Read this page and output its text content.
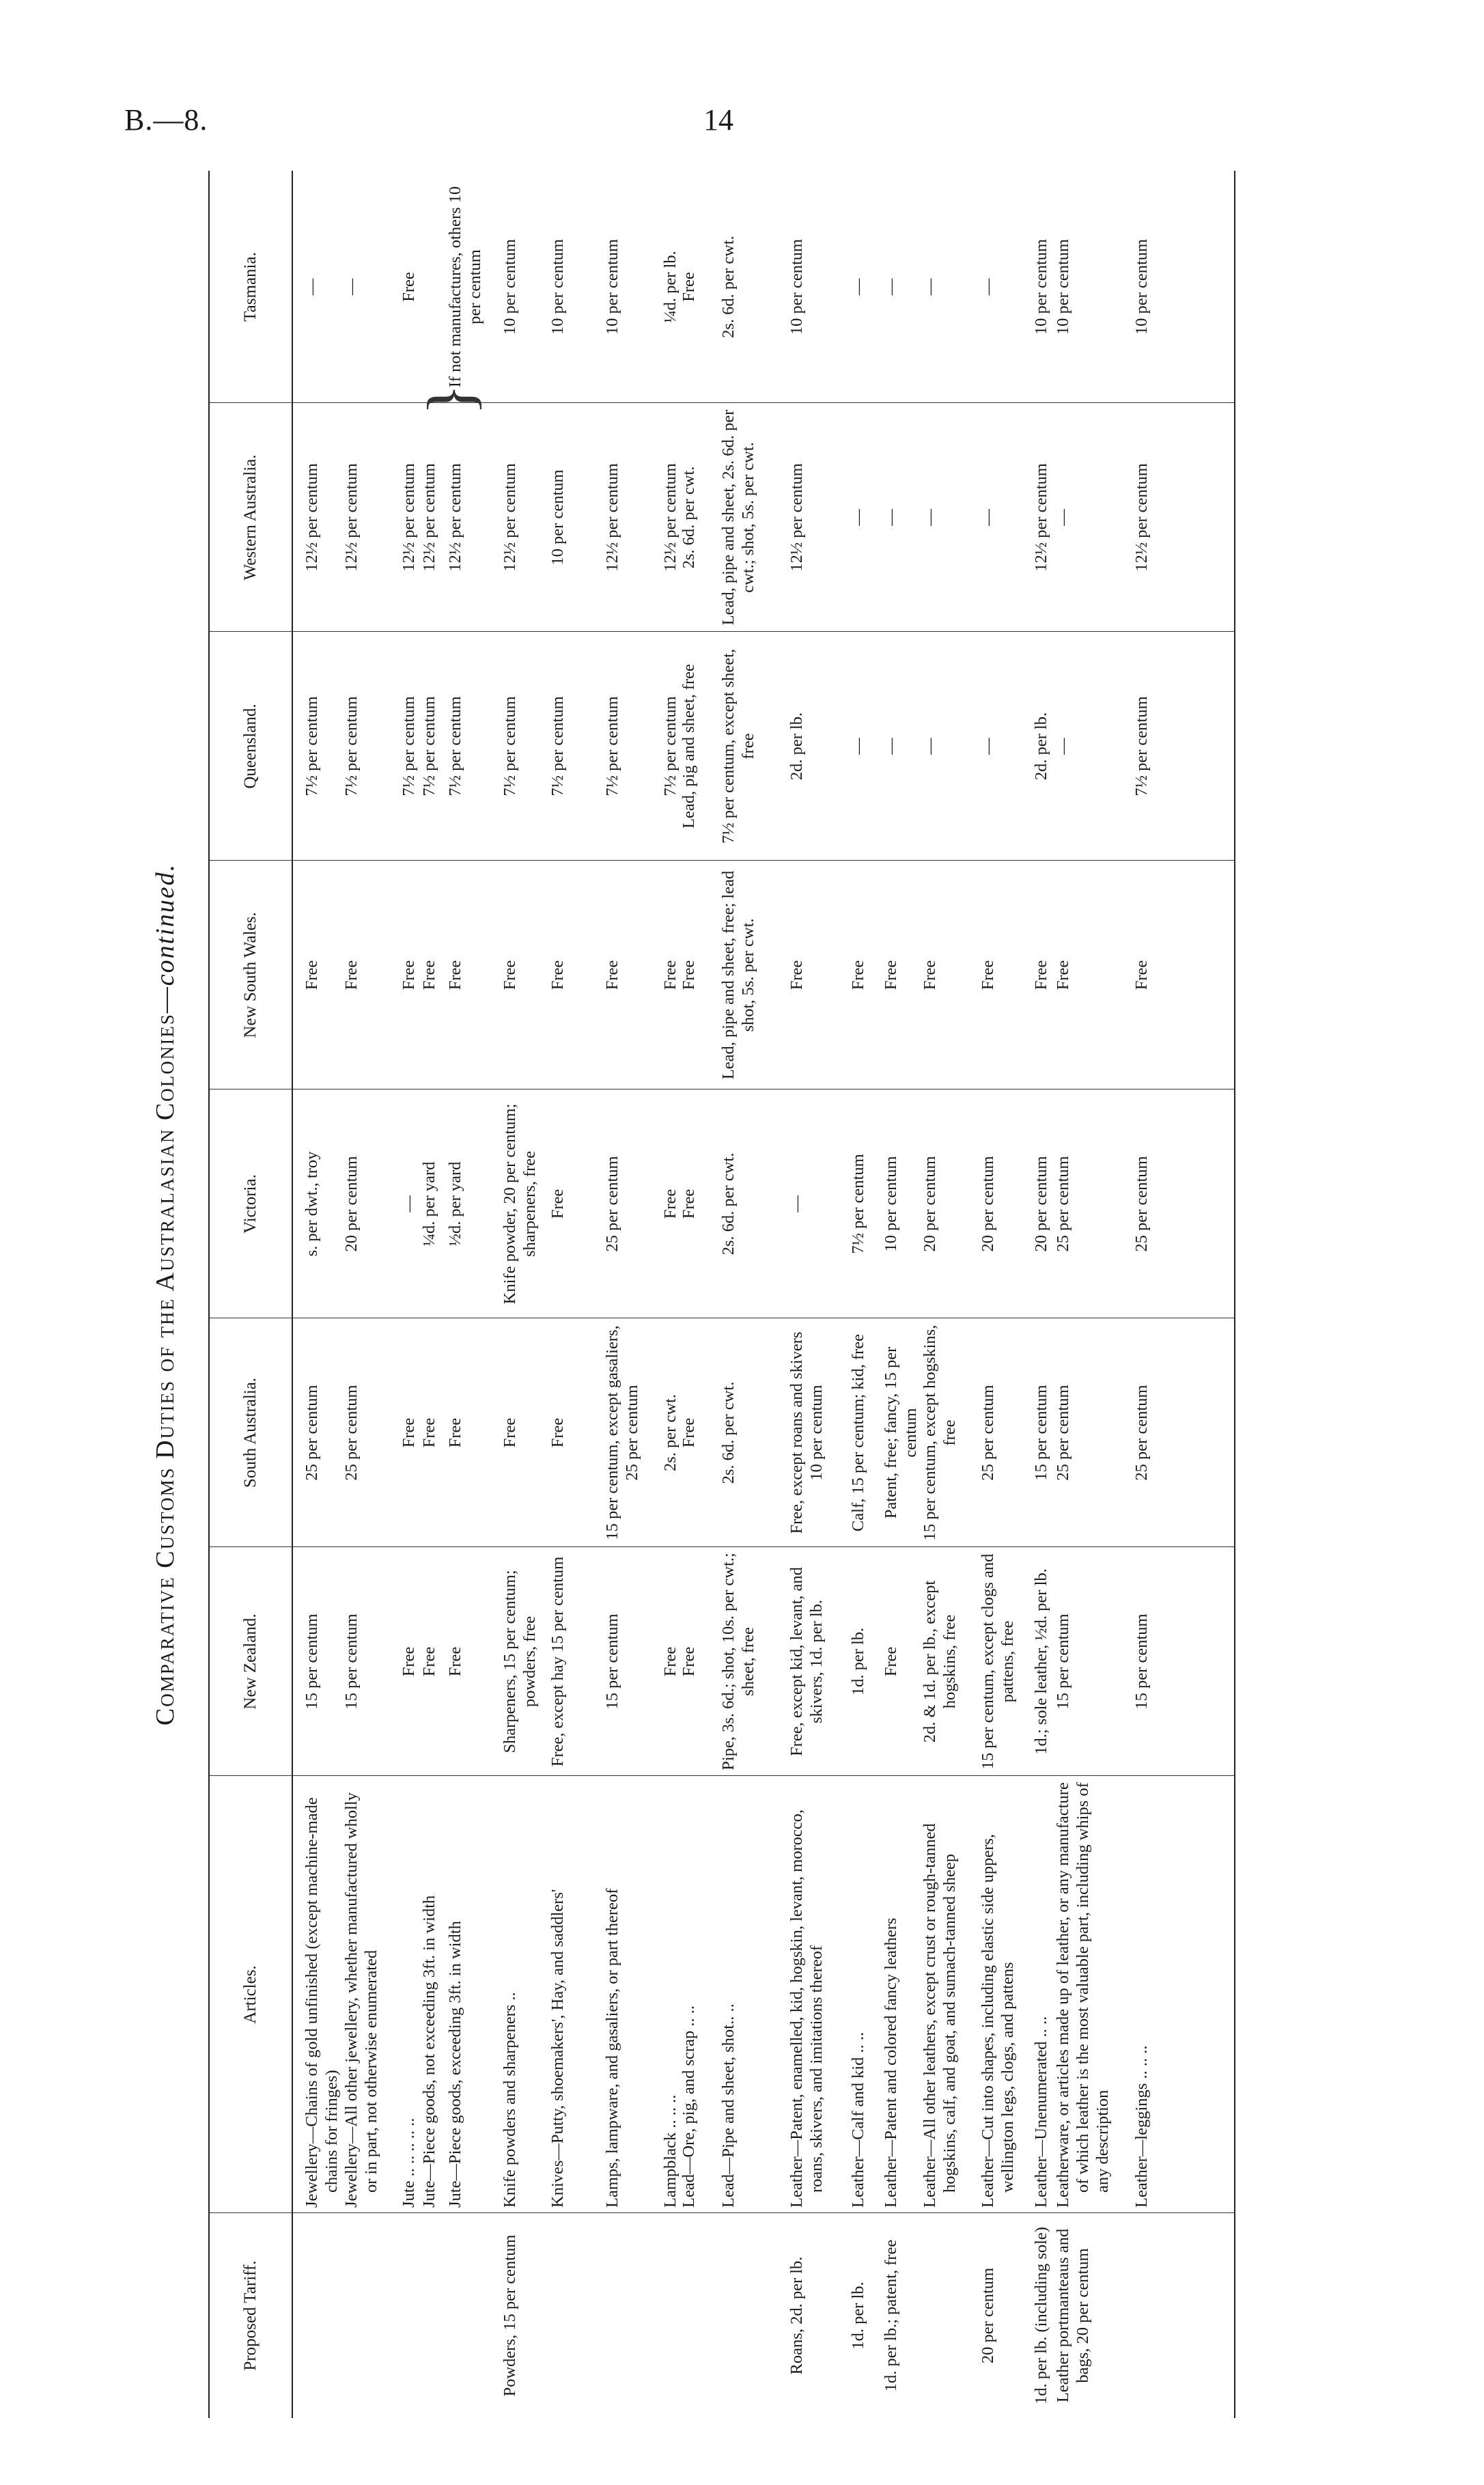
B.—8.	14
Comparative Customs Duties of the Australasian Colonies—continued.
Proposed Tariff.
Articles.
New Zealand.
South Australia.
Victoria.
New South Wales.
Queensland.
Western Australia.
Tasmania.
Jewellery—Chains of gold unfinished (except machine-made chains for fringes)
15 per centum
25 per centum
s. per dwt., troy
Free
7½ per centum
12½ per centum
—
Jewellery—All other jewellery, whether manufactured wholly or in part, not otherwise enumerated
15 per centum
25 per centum
20 per centum
Free
7½ per centum
12½ per centum
—
Jute .. .. .. .. ..
Free
Free
—
Free
7½ per centum
12½ per centum
Free
Jute—Piece goods, not exceeding 3ft. in width
Free
Free
¼d. per yard
Free
7½ per centum
12½ per centum
Jute—Piece goods, exceeding 3ft. in width
Free
Free
½d. per yard
Free
7½ per centum
12½ per centum
If not manufactures, others 10 per centum
Powders, 15 per centum
Knife powders and sharpeners ..
Sharpeners, 15 per centum; powders, free
Free
Knife powder, 20 per centum; sharpeners, free
Free
7½ per centum
12½ per centum
10 per centum
Knives—Putty, shoemakers', Hay, and saddlers'
Free, except hay 15 per centum
Free
Free
Free
7½ per centum
10 per centum
10 per centum
Lamps, lampware, and gasaliers, or part thereof
15 per centum
15 per centum, except gasaliers, 25 per centum
25 per centum
Free
7½ per centum
12½ per centum
10 per centum
Lampblack .. .. ..
Free
2s. per cwt.
Free
Free
7½ per centum
12½ per centum
¼d. per lb.
Lead—Ore, pig, and scrap .. ..
Free
Free
Free
Free
Lead, pig and sheet, free
2s. 6d. per cwt.
Free
Lead—Pipe and sheet, shot.. ..
Pipe, 3s. 6d.; shot, 10s. per cwt.; sheet, free
2s. 6d. per cwt.
2s. 6d. per cwt.
Lead, pipe and sheet, free; lead shot, 5s. per cwt.
7½ per centum, except sheet, free
Lead, pipe and sheet, 2s. 6d. per cwt.; shot, 5s. per cwt.
2s. 6d. per cwt.
Roans, 2d. per lb.
Leather—Patent, enamelled, kid, hogskin, levant, morocco, roans, skivers, and imitations thereof
Free, except kid, levant, and skivers, 1d. per lb.
Free, except roans and skivers 10 per centum
—
Free
2d. per lb.
12½ per centum
10 per centum
1d. per lb.
Leather—Calf and kid .. ..
1d. per lb.
Calf, 15 per centum; kid, free
7½ per centum
Free
—
—
—
1d. per lb.; patent, free
Leather—Patent and colored fancy leathers
Free
Patent, free; fancy, 15 per centum
10 per centum
Free
—
—
—
Leather—All other leathers, except crust or rough-tanned hogskins, calf, and goat, and sumach-tanned sheep
2d. & 1d. per lb., except hogskins, free
15 per centum, except hogskins, free
20 per centum
Free
—
—
—
20 per centum
Leather—Cut into shapes, including elastic side uppers, wellington legs, clogs, and pattens
15 per centum, except clogs and pattens, free
25 per centum
20 per centum
Free
—
—
—
1d. per lb. (including sole)
Leather—Unenumerated .. ..
1d.; sole leather, ½d. per lb.
15 per centum
20 per centum
Free
2d. per lb.
12½ per centum
10 per centum
Leather portmanteaus and bags, 20 per centum
Leatherware, or articles made up of leather, or any manufacture of which leather is the most valuable part, including whips of any description
15 per centum
25 per centum
25 per centum
Free
—
—
10 per centum
Leather—leggings .. .. ..
15 per centum
25 per centum
25 per centum
Free
7½ per centum
12½ per centum
10 per centum
}
